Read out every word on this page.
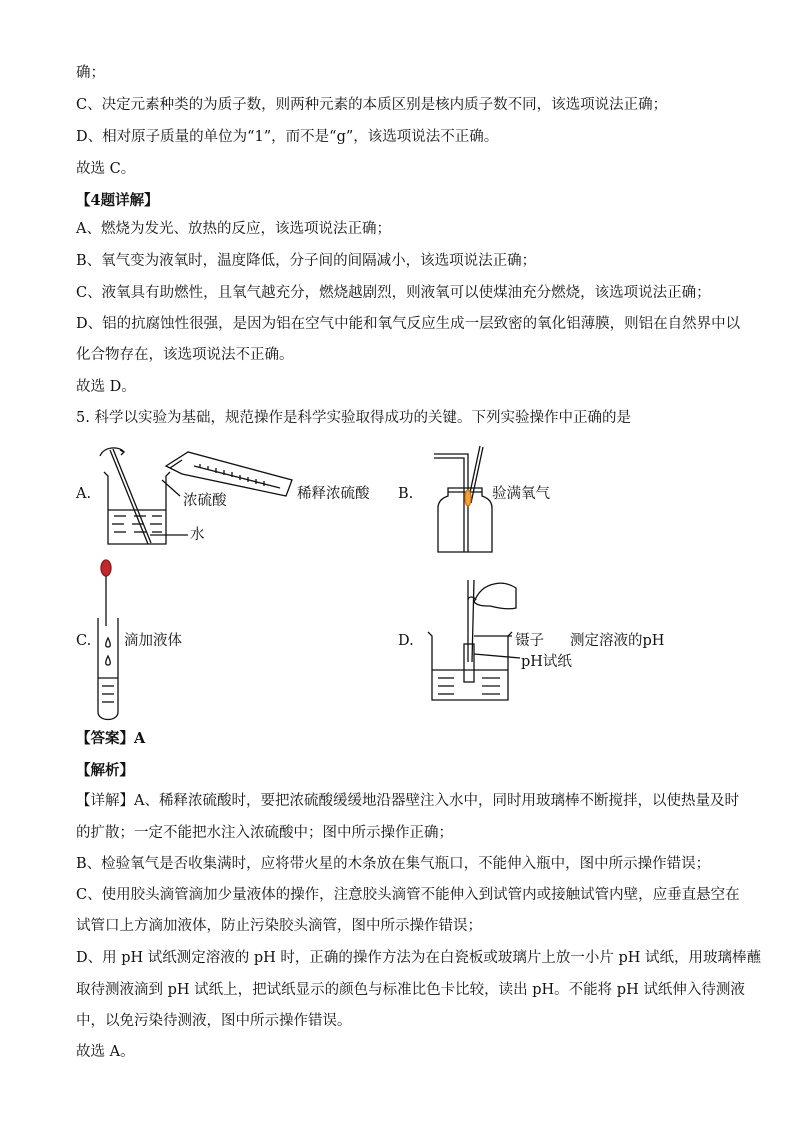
确；
C、决定元素种类的为质子数，则两种元素的本质区别是核内质子数不同，该选项说法正确；
D、相对原子质量的单位为“1”，而不是“g”，该选项说法不正确。
故选 C。
【4题详解】
A、燃烧为发光、放热的反应，该选项说法正确；
B、氧气变为液氧时，温度降低，分子间的间隔减小，该选项说法正确；
C、液氧具有助燃性，且氧气越充分，燃烧越剧烈，则液氧可以使煤油充分燃烧，该选项说法正确；
D、铝的抗腐蚀性很强，是因为铝在空气中能和氧气反应生成一层致密的氧化铝薄膜，则铝在自然界中以
化合物存在，该选项说法不正确。
故选 D。
5. 科学以实验为基础，规范操作是科学实验取得成功的关键。下列实验操作中正确的是
A.	浓硫酸	稀释浓硫酸
水
B.	验满氧气
C. 滴加液体	D.	镊子 测定溶液的pH
pH试纸
【答案】A
【解析】
【详解】A、稀释浓硫酸时，要把浓硫酸缓缓地沿器壁注入水中，同时用玻璃棒不断搅拌，以使热量及时
的扩散；一定不能把水注入浓硫酸中；图中所示操作正确；
B、检验氧气是否收集满时，应将带火星的木条放在集气瓶口，不能伸入瓶中，图中所示操作错误；
C、使用胶头滴管滴加少量液体的操作，注意胶头滴管不能伸入到试管内或接触试管内壁，应垂直悬空在
试管口上方滴加液体，防止污染胶头滴管，图中所示操作错误；
D、用 pH 试纸测定溶液的 pH 时，正确的操作方法为在白瓷板或玻璃片上放一小片 pH 试纸，用玻璃棒蘸
取待测液滴到 pH 试纸上，把试纸显示的颜色与标准比色卡比较，读出 pH。不能将 pH 试纸伸入待测液
中，以免污染待测液，图中所示操作错误。
故选 A。
